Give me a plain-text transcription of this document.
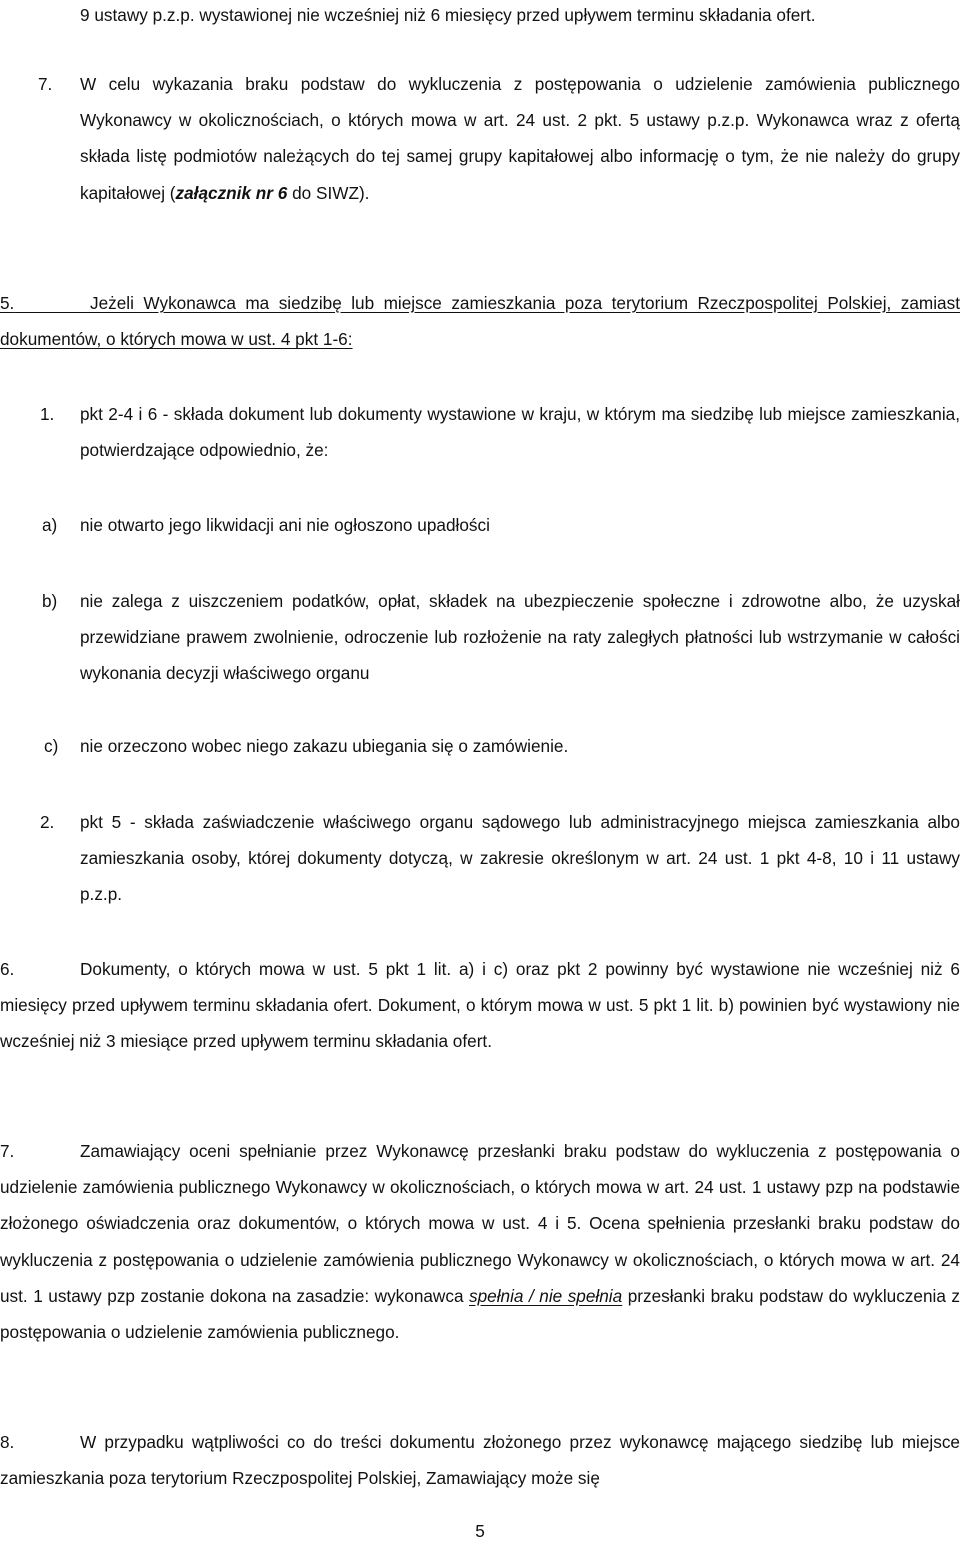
9 ustawy p.z.p. wystawionej nie wcześniej niż 6 miesięcy przed upływem terminu składania ofert.

7.	W celu wykazania braku podstaw do wykluczenia z postępowania o udzielenie zamówienia publicznego Wykonawcy w okolicznościach, o których mowa w art. 24 ust. 2 pkt. 5 ustawy p.z.p. Wykonawca wraz z ofertą składa listę podmiotów należących do tej samej grupy kapitałowej albo informację o tym, że nie należy do grupy kapitałowej (załącznik nr 6 do SIWZ).

5.	Jeżeli Wykonawca ma siedzibę lub miejsce zamieszkania poza terytorium Rzeczpospolitej Polskiej, zamiast dokumentów, o których mowa w ust. 4 pkt 1-6:

1.	pkt 2-4 i 6 - składa dokument lub dokumenty wystawione w kraju, w którym ma siedzibę lub miejsce zamieszkania, potwierdzające odpowiednio, że:

a)	nie otwarto jego likwidacji ani nie ogłoszono upadłości

b)	nie zalega z uiszczeniem podatków, opłat, składek na ubezpieczenie społeczne i zdrowotne albo, że uzyskał przewidziane prawem zwolnienie, odroczenie lub rozłożenie na raty zaległych płatności lub wstrzymanie w całości wykonania decyzji właściwego organu

c)	nie orzeczono wobec niego zakazu ubiegania się o zamówienie.

2.	pkt 5 - składa zaświadczenie właściwego organu sądowego lub administracyjnego miejsca zamieszkania albo zamieszkania osoby, której dokumenty dotyczą, w zakresie określonym w art. 24 ust. 1 pkt 4-8, 10 i 11 ustawy p.z.p.

6.	Dokumenty, o których mowa w ust. 5 pkt 1 lit. a) i c) oraz pkt 2 powinny być wystawione nie wcześniej niż 6 miesięcy przed upływem terminu składania ofert. Dokument, o którym mowa w ust. 5 pkt 1 lit. b) powinien być wystawiony nie wcześniej niż 3 miesiące przed upływem terminu składania ofert.

7.	Zamawiający oceni spełnianie przez Wykonawcę przesłanki braku podstaw do wykluczenia z postępowania o udzielenie zamówienia publicznego Wykonawcy w okolicznościach, o których mowa w art. 24 ust. 1 ustawy pzp na podstawie złożonego oświadczenia oraz dokumentów, o których mowa w ust. 4 i 5. Ocena spełnienia przesłanki braku podstaw do wykluczenia z postępowania o udzielenie zamówienia publicznego Wykonawcy w okolicznościach, o których mowa w art. 24 ust. 1 ustawy pzp zostanie dokona na zasadzie: wykonawca spełnia / nie spełnia przesłanki braku podstaw do wykluczenia z postępowania o udzielenie zamówienia publicznego.

8.	W przypadku wątpliwości co do treści dokumentu złożonego przez wykonawcę mającego siedzibę lub miejsce zamieszkania poza terytorium Rzeczpospolitej Polskiej, Zamawiający może się

5
